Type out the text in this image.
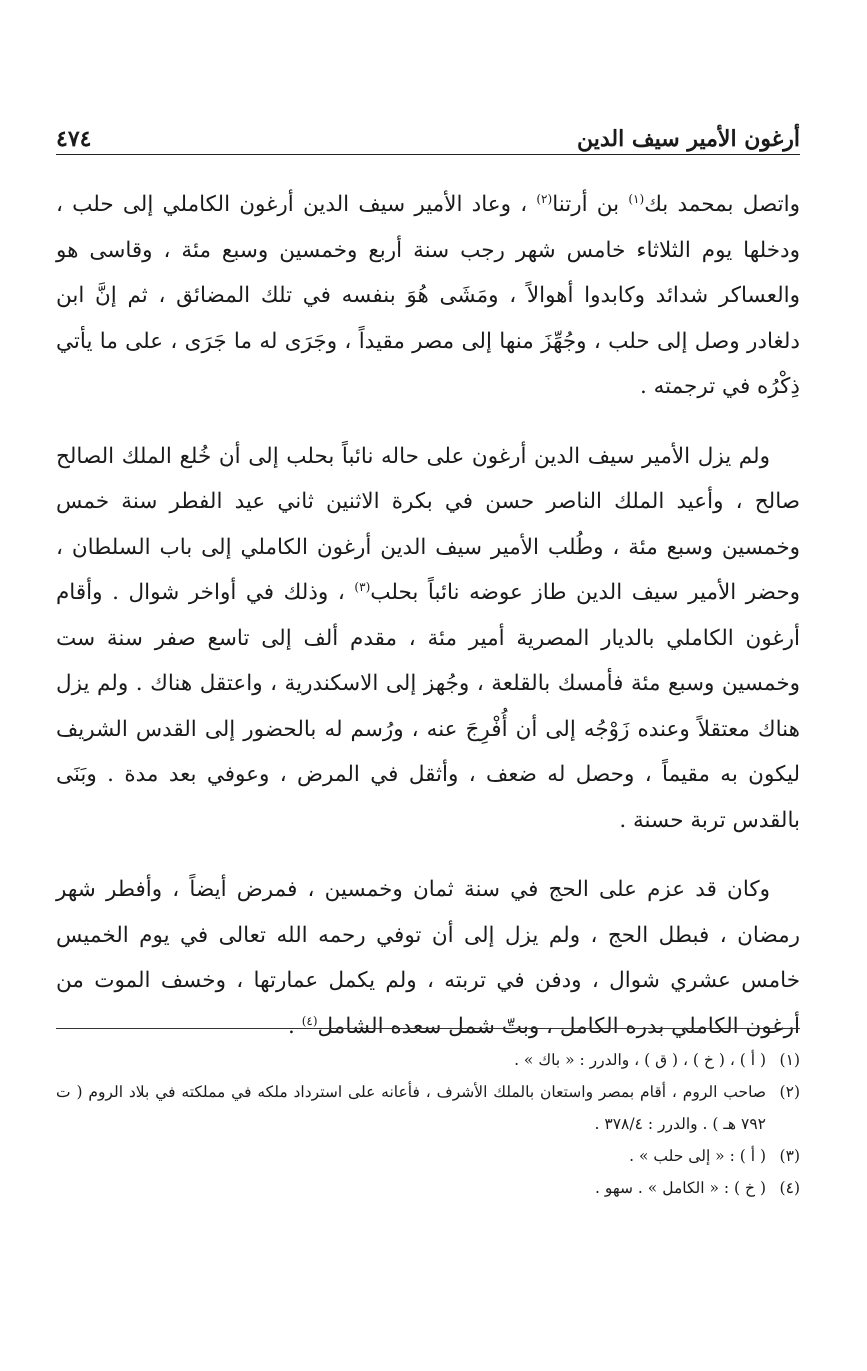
أرغون الأمير سيف الدين
٤٧٤

واتصل بمحمد بك$^{(١)}$ بن أرتنا$^{(٢)}$ ، وعاد الأمير سيف الدين أرغون الكاملي إلى حلب ، ودخلها يوم الثلاثاء خامس شهر رجب سنة أربع وخمسين وسبع مئة ، وقاسى هو والعساكر شدائد وكابدوا أهوالاً ، ومَشَى هُوَ بنفسه في تلك المضائق ، ثم إنَّ ابن دلغادر وصل إلى حلب ، وجُهِّزَ منها إلى مصر مقيداً ، وجَرَى له ما جَرَى ، على ما يأتي ذِكْرُه في ترجمته .

ولم يزل الأمير سيف الدين أرغون على حاله نائباً بحلب إلى أن خُلع الملك الصالح صالح ، وأعيد الملك الناصر حسن في بكرة الاثنين ثاني عيد الفطر سنة خمس وخمسين وسبع مئة ، وطُلب الأمير سيف الدين أرغون الكاملي إلى باب السلطان ، وحضر الأمير سيف الدين طاز عوضه نائباً بحلب$^{(٣)}$ ، وذلك في أواخر شوال . وأقام أرغون الكاملي بالديار المصرية أمير مئة ، مقدم ألف إلى تاسع صفر سنة ست وخمسين وسبع مئة فأمسك بالقلعة ، وجُهز إلى الاسكندرية ، واعتقل هناك . ولم يزل هناك معتقلاً وعنده زَوْجُه إلى أن أُفْرِجَ عنه ، ورُسم له بالحضور إلى القدس الشريف ليكون به مقيماً ، وحصل له ضعف ، وأثقل في المرض ، وعوفي بعد مدة . وبَنَى بالقدس تربة حسنة .

وكان قد عزم على الحج في سنة ثمان وخمسين ، فمرض أيضاً ، وأفطر شهر رمضان ، فبطل الحج ، ولم يزل إلى أن توفي رحمه الله تعالى في يوم الخميس خامس عشري شوال ، ودفن في تربته ، ولم يكمل عمارتها ، وخسف الموت من أرغون الكاملي بدره الكامل ، وبتّ شمل سعده الشامل$^{(٤)}$ .

(١)
( أ ) ، ( خ ) ، ( ق ) ، والدرر : « باك » .
(٢)
صاحب الروم ، أقام بمصر واستعان بالملك الأشرف ، فأعانه على استرداد ملكه في مملكته في بلاد الروم ( ت ٧٩٢ هـ ) . والدرر : ٣٧٨/٤ .
(٣)
( أ ) : « إلى حلب » .
(٤)
( خ ) : « الكامل » . سهو .
